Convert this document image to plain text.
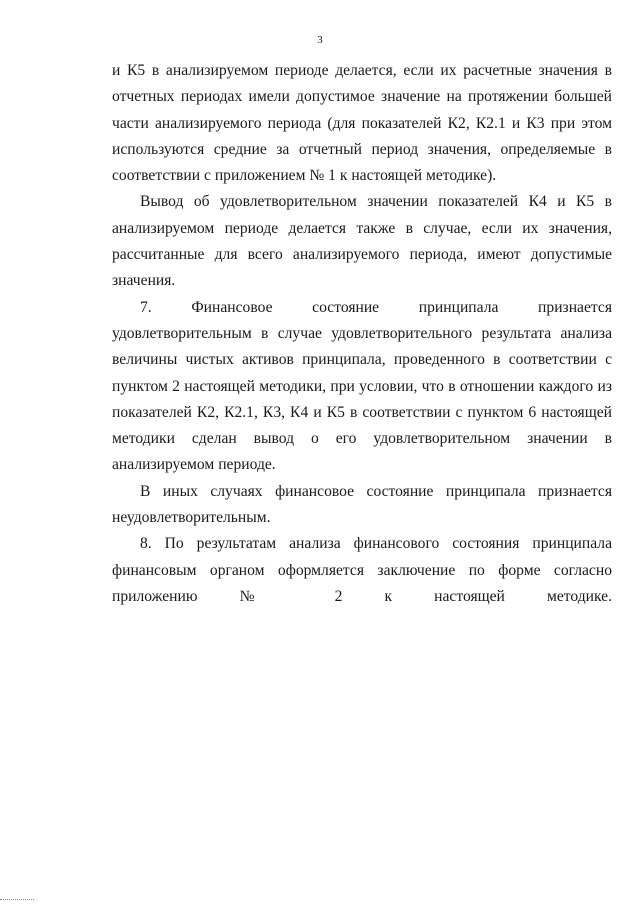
3

и К5 в анализируемом периоде делается, если их расчетные значения в отчетных периодах имели допустимое значение на протяжении большей части анализируемого периода (для показателей К2, К2.1 и К3 при этом используются средние за отчетный период значения, определяемые в соответствии с приложением № 1 к настоящей методике).

Вывод об удовлетворительном значении показателей К4 и К5 в анализируемом периоде делается также в случае, если их значения, рассчитанные для всего анализируемого периода, имеют допустимые значения.

7. Финансовое состояние принципала признается удовлетворительным в случае удовлетворительного результата анализа величины чистых активов принципала, проведенного в соответствии с пунктом 2 настоящей методики, при условии, что в отношении каждого из показателей К2, К2.1, К3, К4 и К5 в соответствии с пунктом 6 настоящей методики сделан вывод о его удовлетворительном значении в анализируемом периоде.

В иных случаях финансовое состояние принципала признается неудовлетворительным.

8. По результатам анализа финансового состояния принципала финансовым органом оформляется заключение по форме согласно приложению № 2 к настоящей методике.
